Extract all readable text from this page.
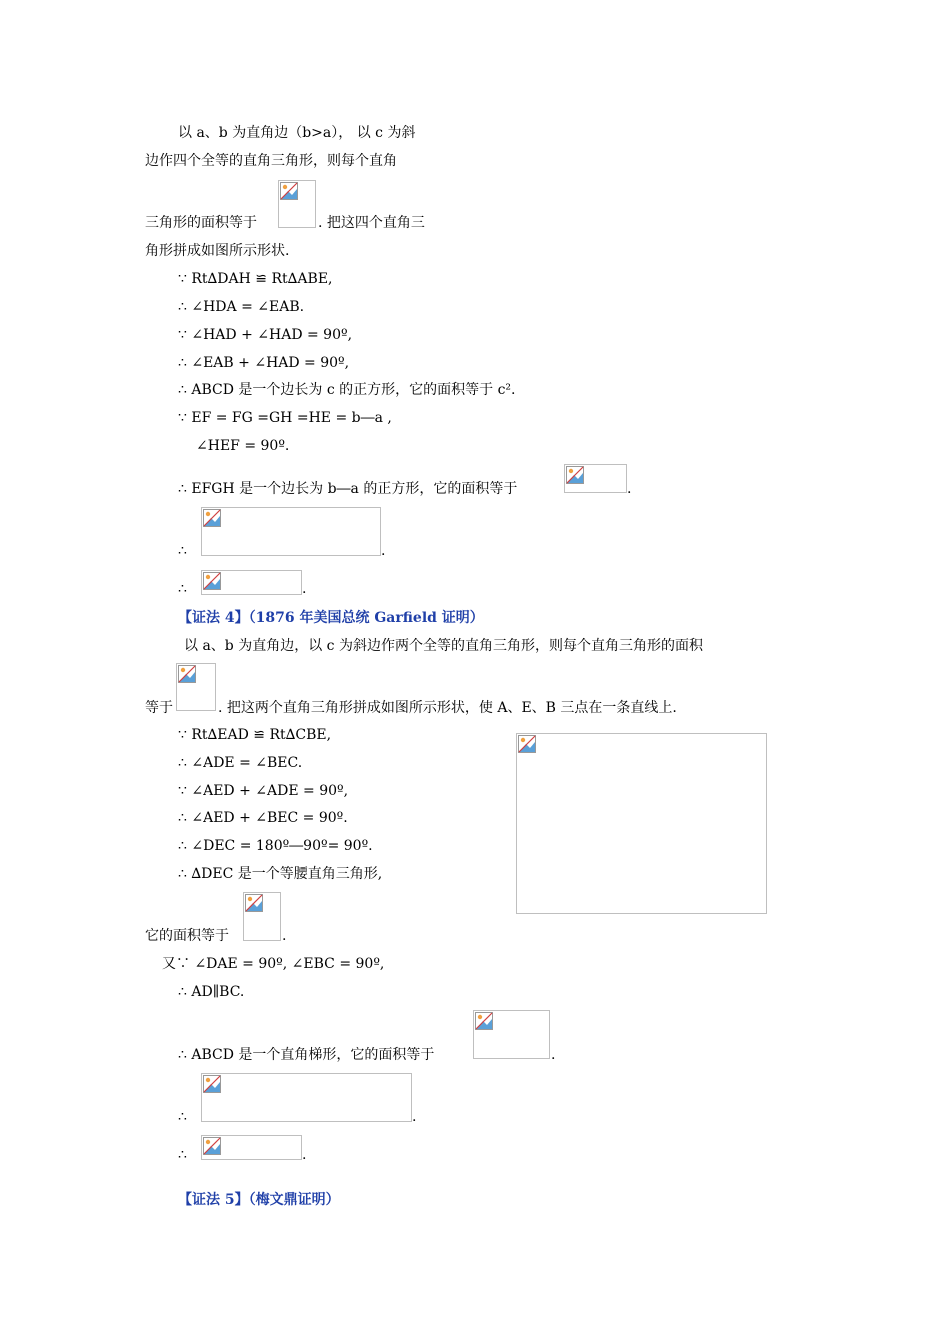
以 a、b 为直角边（b>a）， 以 c 为斜
边作四个全等的直角三角形，则每个直角
三角形的面积等于	. 把这四个直角三
角形拼成如图所示形状.
∵ Rt∆DAH ≌ Rt∆ABE,
∴ ∠HDA = ∠EAB.
∵ ∠HAD + ∠HAD = 90º,
∴ ∠EAB + ∠HAD = 90º,
∴ ABCD 是一个边长为 c 的正方形，它的面积等于 c².
∵ EF = FG =GH =HE = b―a ,
∠HEF = 90º.
∴ EFGH 是一个边长为 b―a 的正方形，它的面积等于	.
∴	.
∴	.
【证法 4】（1876 年美国总统 Garfield 证明）
以 a、b 为直角边，以 c 为斜边作两个全等的直角三角形，则每个直角三角形的面积
等于	. 把这两个直角三角形拼成如图所示形状，使 A、E、B 三点在一条直线上.
∵ Rt∆EAD ≌ Rt∆CBE,
∴ ∠ADE = ∠BEC.
∵ ∠AED + ∠ADE = 90º,
∴ ∠AED + ∠BEC = 90º.
∴ ∠DEC = 180º―90º= 90º.
∴ ∆DEC 是一个等腰直角三角形,
它的面积等于	.
又∵ ∠DAE = 90º, ∠EBC = 90º,
∴ AD∥BC.
∴ ABCD 是一个直角梯形，它的面积等于	.
∴	.
∴	.
【证法 5】（梅文鼎证明）
